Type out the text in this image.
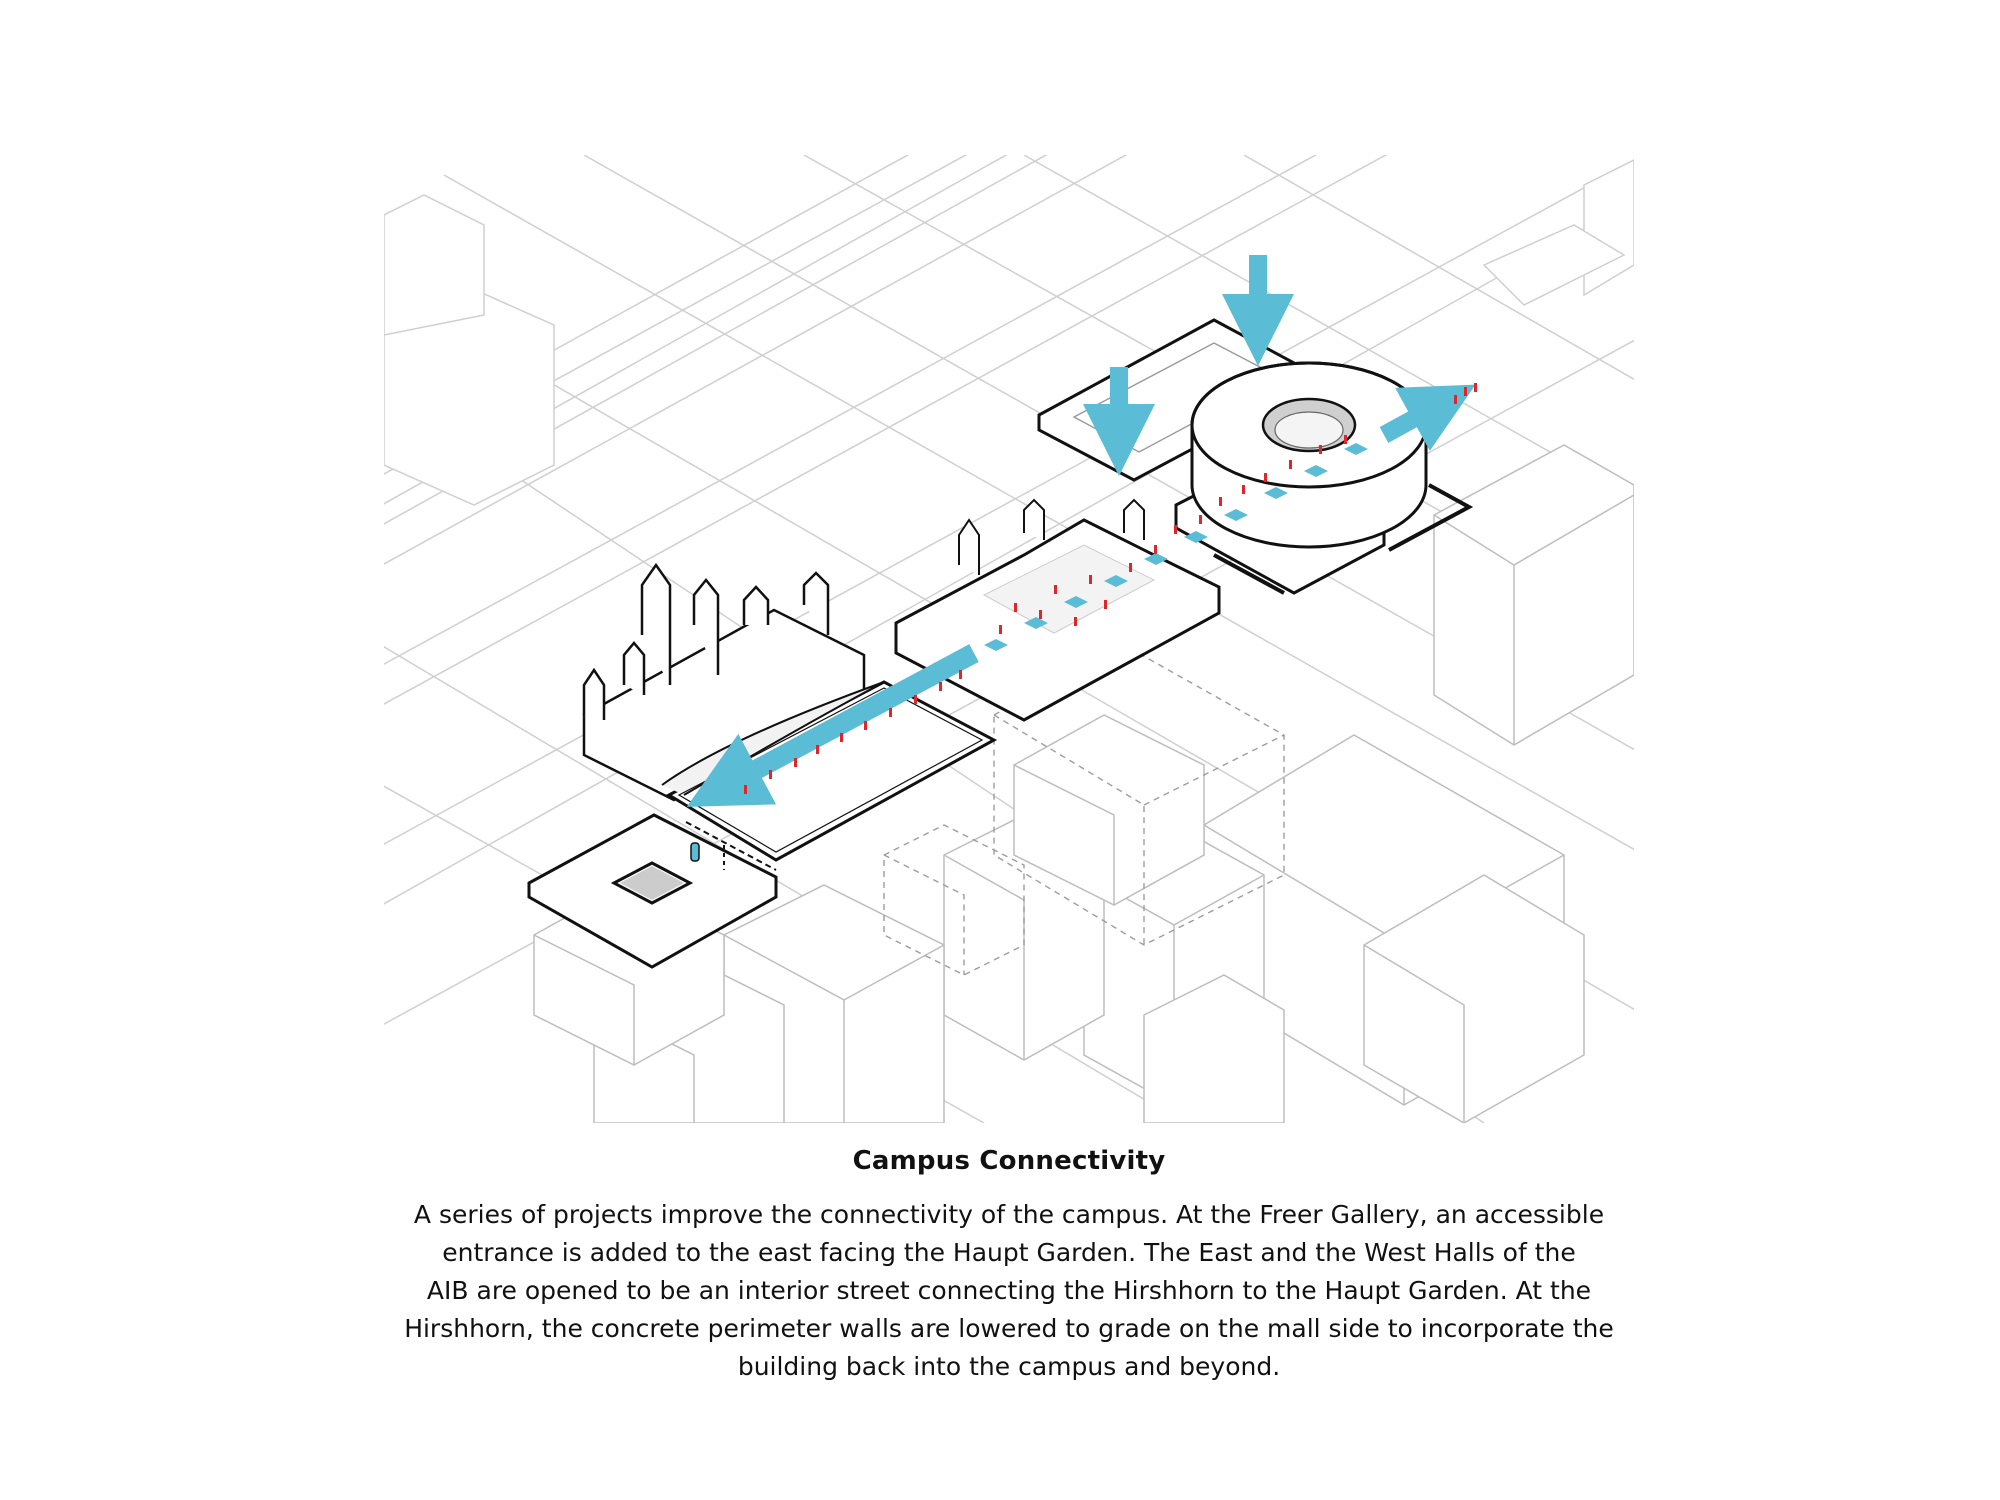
Campus Connectivity

A series of projects improve the connectivity of the campus. At the Freer Gallery, an accessible
entrance is added to the east facing the Haupt Garden. The East and the West Halls of the
AIB are opened to be an interior street connecting the Hirshhorn to the Haupt Garden. At the
Hirshhorn, the concrete perimeter walls are lowered to grade on the mall side to incorporate the
building back into the campus and beyond.
